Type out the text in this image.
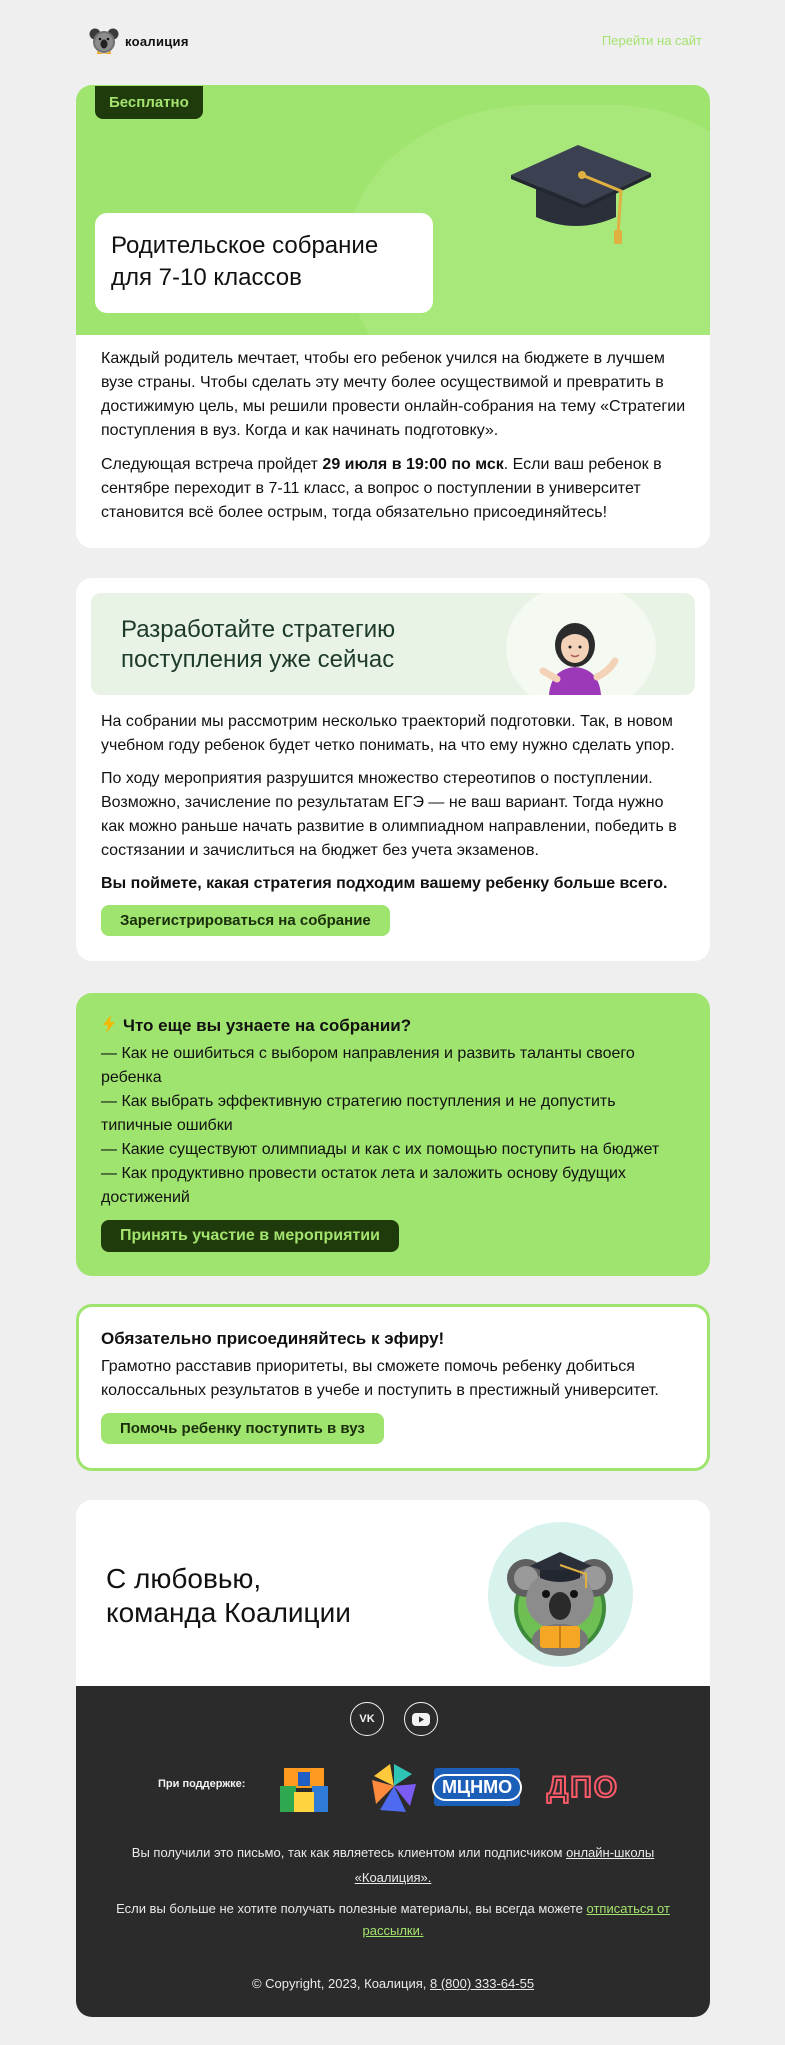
коалиция	Перейти на сайт
Бесплатно
Родительское собрание
для 7-10 классов

Каждый родитель мечтает, чтобы его ребенок учился на бюджете в лучшем вузе страны. Чтобы сделать эту мечту более осуществимой и превратить в достижимую цель, мы решили провести онлайн-собрания на тему «Стратегии поступления в вуз. Когда и как начинать подготовку».

Следующая встреча пройдет 29 июля в 19:00 по мск. Если ваш ребенок в сентябре переходит в 7-11 класс, а вопрос о поступлении в университет становится всё более острым, тогда обязательно присоединяйтесь!

Разработайте стратегию
поступления уже сейчас

На собрании мы рассмотрим несколько траекторий подготовки. Так, в новом учебном году ребенок будет четко понимать, на что ему нужно сделать упор.

По ходу мероприятия разрушится множество стереотипов о поступлении. Возможно, зачисление по результатам ЕГЭ — не ваш вариант. Тогда нужно как можно раньше начать развитие в олимпиадном направлении, победить в состязании и зачислиться на бюджет без учета экзаменов.

Вы поймете, какая стратегия подходим вашему ребенку больше всего.

Зарегистрироваться на собрание
Что еще вы узнаете на собрании?

— Как не ошибиться с выбором направления и развить таланты своего ребенка

— Как выбрать эффективную стратегию поступления и не допустить типичные ошибки

— Какие существуют олимпиады и как с их помощью поступить на бюджет

— Как продуктивно провести остаток лета и заложить основу будущих достижений

Принять участие в мероприятии
Обязательно присоединяйтесь к эфиру!

Грамотно расставив приоритеты, вы сможете помочь ребенку добиться колоссальных результатов в учебе и поступить в престижный университет.

Помочь ребенку поступить в вуз
С любовью,
команда Коалиции
VK
При поддержке:	МЦНМО	ДПО
Вы получили это письмо, так как являетесь клиентом или подписчиком онлайн-школы «Коалиция».
Если вы больше не хотите получать полезные материалы, вы всегда можете отписаться от рассылки.
© Copyright, 2023, Коалиция, 8 (800) 333-64-55
